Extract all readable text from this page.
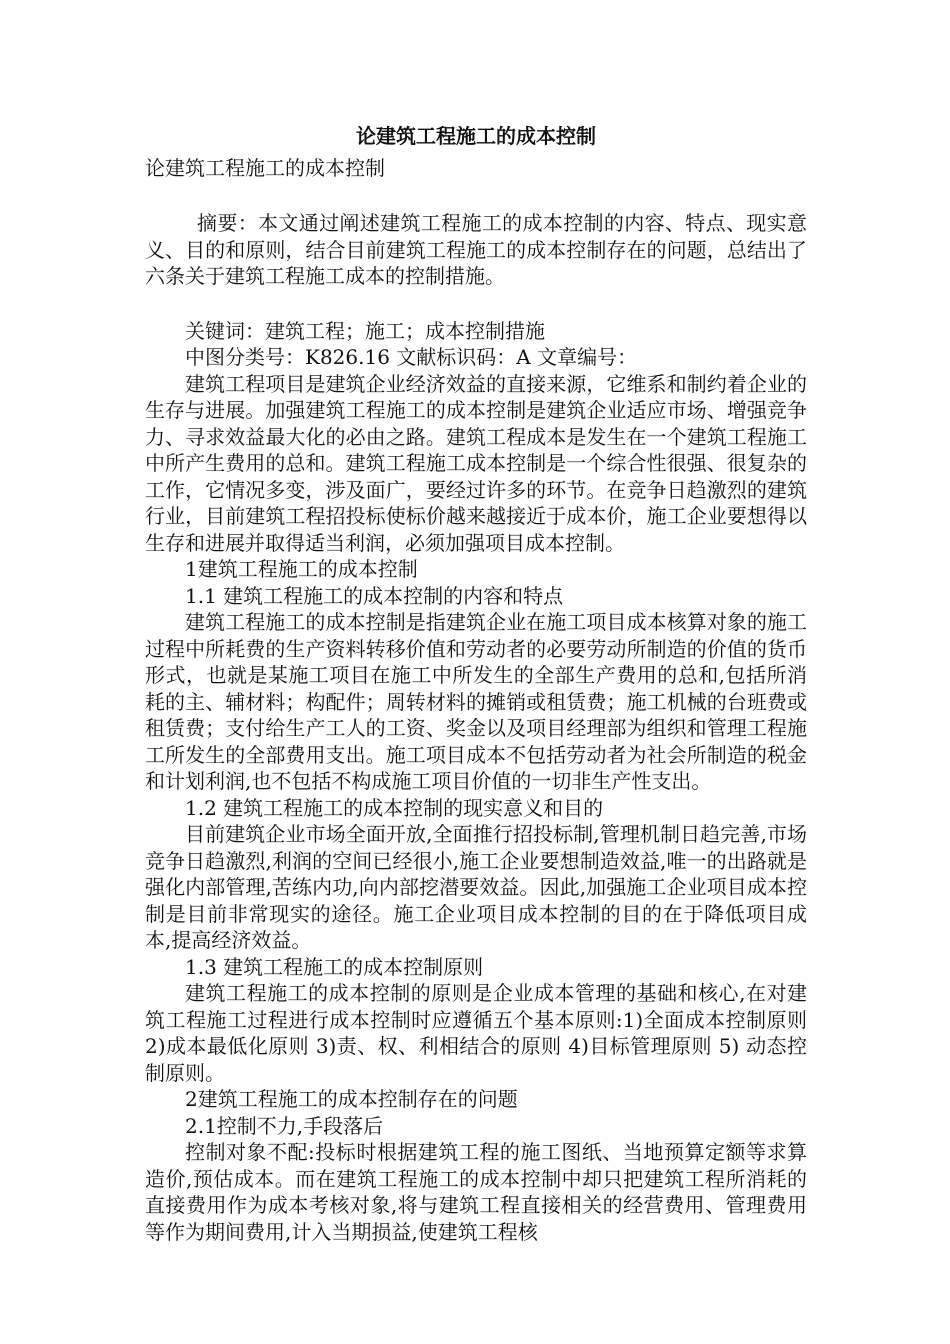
论建筑工程施工的成本控制

论建筑工程施工的成本控制

摘要：本文通过阐述建筑工程施工的成本控制的内容、特点、现实意义、目的和原则，结合目前建筑工程施工的成本控制存在的问题，总结出了六条关于建筑工程施工成本的控制措施。

关键词：建筑工程；施工；成本控制措施

中图分类号：K826.16 文献标识码：A 文章编号：

建筑工程项目是建筑企业经济效益的直接来源，它维系和制约着企业的生存与进展。加强建筑工程施工的成本控制是建筑企业适应市场、增强竞争力、寻求效益最大化的必由之路。建筑工程成本是发生在一个建筑工程施工中所产生费用的总和。建筑工程施工成本控制是一个综合性很强、很复杂的工作，它情况多变，涉及面广，要经过许多的环节。在竞争日趋激烈的建筑行业，目前建筑工程招投标使标价越来越接近于成本价，施工企业要想得以生存和进展并取得适当利润，必须加强项目成本控制。

1建筑工程施工的成本控制

1.1 建筑工程施工的成本控制的内容和特点

建筑工程施工的成本控制是指建筑企业在施工项目成本核算对象的施工过程中所耗费的生产资料转移价值和劳动者的必要劳动所制造的价值的货币形式，也就是某施工项目在施工中所发生的全部生产费用的总和,包括所消耗的主、辅材料；构配件；周转材料的摊销或租赁费；施工机械的台班费或租赁费；支付给生产工人的工资、奖金以及项目经理部为组织和管理工程施工所发生的全部费用支出。施工项目成本不包括劳动者为社会所制造的税金和计划利润,也不包括不构成施工项目价值的一切非生产性支出。

1.2 建筑工程施工的成本控制的现实意义和目的

目前建筑企业市场全面开放,全面推行招投标制,管理机制日趋完善,市场竞争日趋激烈,利润的空间已经很小,施工企业要想制造效益,唯一的出路就是强化内部管理,苦练内功,向内部挖潜要效益。因此,加强施工企业项目成本控制是目前非常现实的途径。施工企业项目成本控制的目的在于降低项目成本,提高经济效益。

1.3 建筑工程施工的成本控制原则

建筑工程施工的成本控制的原则是企业成本管理的基础和核心,在对建筑工程施工过程进行成本控制时应遵循五个基本原则:1)全面成本控制原则 2)成本最低化原则 3)责、权、利相结合的原则 4)目标管理原则 5) 动态控制原则。

2建筑工程施工的成本控制存在的问题

2.1控制不力,手段落后

控制对象不配:投标时根据建筑工程的施工图纸、当地预算定额等求算造价,预估成本。而在建筑工程施工的成本控制中却只把建筑工程所消耗的直接费用作为成本考核对象,将与建筑工程直接相关的经营费用、管理费用等作为期间费用,计入当期损益,使建筑工程核
